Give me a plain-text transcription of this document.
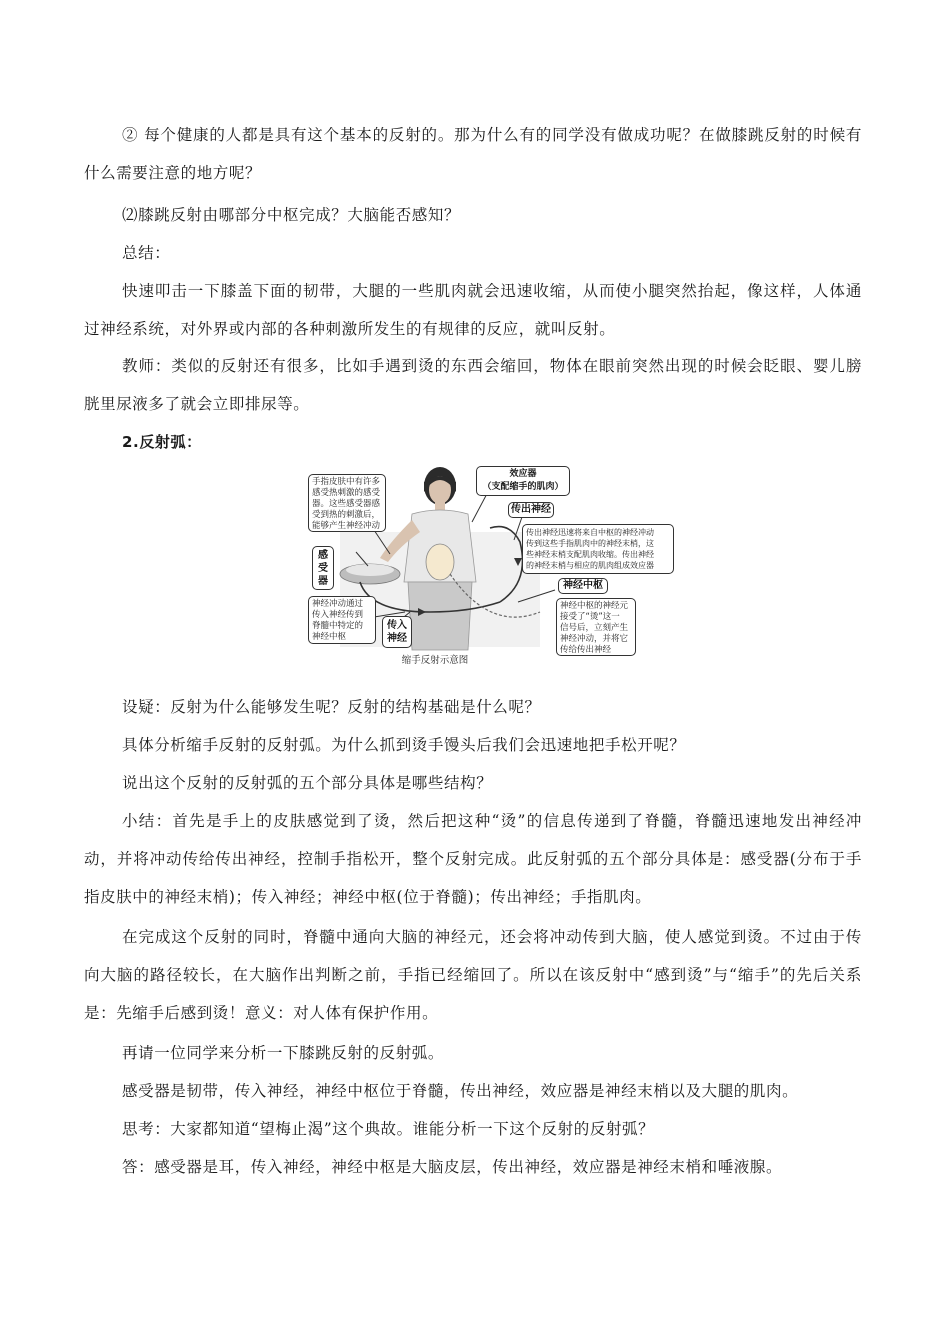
② 每个健康的人都是具有这个基本的反射的。那为什么有的同学没有做成功呢？在做膝跳反射的时候有什么需要注意的地方呢？

⑵膝跳反射由哪部分中枢完成？大脑能否感知？

总结：

快速叩击一下膝盖下面的韧带，大腿的一些肌肉就会迅速收缩，从而使小腿突然抬起，像这样，人体通过神经系统，对外界或内部的各种刺激所发生的有规律的反应，就叫反射。

教师：类似的反射还有很多，比如手遇到烫的东西会缩回，物体在眼前突然出现的时候会眨眼、婴儿膀胱里尿液多了就会立即排尿等。

2.反射弧：

手指皮肤中有许多
感受热刺激的感受
器。这些感受器感
受到热的刺激后，
能够产生神经冲动
感
受
器
神经冲动通过
传入神经传到
脊髓中特定的
神经中枢
传入
神经
效应器
（支配缩手的肌肉）
传出神经
传出神经迅速将来自中枢的神经冲动
传到这些手指肌肉中的神经末梢，这
些神经末梢支配肌肉收缩。传出神经
的神经末梢与相应的肌肉组成效应器
神经中枢
神经中枢的神经元
接受了“烫”这一
信号后，立刻产生
神经冲动，并将它
传给传出神经
缩手反射示意图

设疑：反射为什么能够发生呢？反射的结构基础是什么呢？

具体分析缩手反射的反射弧。为什么抓到烫手馒头后我们会迅速地把手松开呢？

说出这个反射的反射弧的五个部分具体是哪些结构？

小结：首先是手上的皮肤感觉到了烫，然后把这种“烫”的信息传递到了脊髓，脊髓迅速地发出神经冲动，并将冲动传给传出神经，控制手指松开，整个反射完成。此反射弧的五个部分具体是：感受器(分布于手指皮肤中的神经末梢)；传入神经；神经中枢(位于脊髓)；传出神经；手指肌肉。

在完成这个反射的同时，脊髓中通向大脑的神经元，还会将冲动传到大脑，使人感觉到烫。不过由于传向大脑的路径较长，在大脑作出判断之前，手指已经缩回了。所以在该反射中“感到烫”与“缩手”的先后关系是：先缩手后感到烫！意义：对人体有保护作用。

再请一位同学来分析一下膝跳反射的反射弧。

感受器是韧带，传入神经，神经中枢位于脊髓，传出神经，效应器是神经末梢以及大腿的肌肉。

思考：大家都知道“望梅止渴”这个典故。谁能分析一下这个反射的反射弧？

答：感受器是耳，传入神经，神经中枢是大脑皮层，传出神经，效应器是神经末梢和唾液腺。
